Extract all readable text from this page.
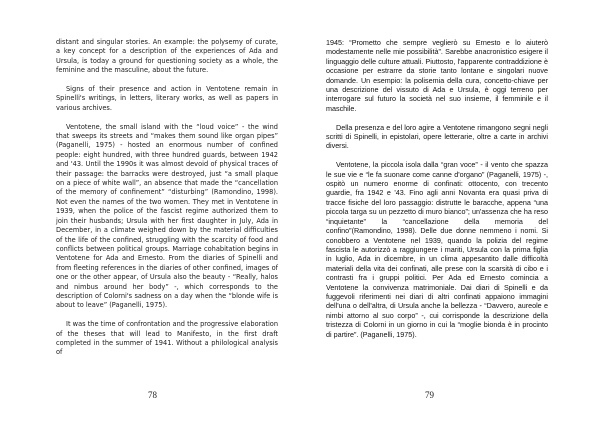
distant and singular stories. An example: the polysemy of curate, a key concept for a description of the experiences of Ada and Ursula, is today a ground for questioning society as a whole, the feminine and the masculine, about the future.

Signs of their presence and action in Ventotene remain in Spinelli's writings, in letters, literary works, as well as papers in various archives.

Ventotene, the small island with the “loud voice” - the wind that sweeps its streets and “makes them sound like organ pipes” (Paganelli, 1975) - hosted an enormous number of confined people: eight hundred, with three hundred guards, between 1942 and '43. Until the 1990s it was almost devoid of physical traces of their passage: the barracks were destroyed, just “a small plaque on a piece of white wall”, an absence that made the “cancellation of the memory of confinement” “disturbing” (Ramondino, 1998). Not even the names of the two women. They met in Ventotene in 1939, when the police of the fascist regime authorized them to join their husbands; Ursula with her first daughter in July, Ada in December, in a climate weighed down by the material difficulties of the life of the confined, struggling with the scarcity of food and conflicts between political groups. Marriage cohabitation begins in Ventotene for Ada and Ernesto. From the diaries of Spinelli and from fleeting references in the diaries of other confined, images of one or the other appear, of Ursula also the beauty - “Really, halos and nimbus around her body” -, which corresponds to the description of Colorni's sadness on a day when the “blonde wife is about to leave” (Paganelli, 1975).

It was the time of confrontation and the progressive elaboration of the theses that will lead to Manifesto, in the first draft completed in the summer of 1941. Without a philological analysis of

78

1945: “Prometto che sempre veglierò su Ernesto e lo aiuterò modestamente nelle mie possibilità”. Sarebbe anacronistico esigere il linguaggio delle culture attuali. Piuttosto, l'apparente contraddizione è occasione per estrarre da storie tanto lontane e singolari nuove domande. Un esempio: la polisemia della cura, concetto-chiave per una descrizione del vissuto di Ada e Ursula, è oggi terreno per interrogare sul futuro la società nel suo insieme, il femminile e il maschile.

Della presenza e del loro agire a Ventotene rimangono segni negli scritti di Spinelli, in epistolari, opere letterarie, oltre a carte in archivi diversi.

Ventotene, la piccola isola dalla “gran voce” - il vento che spazza le sue vie e “le fa suonare come canne d'organo” (Paganelli, 1975) -, ospitò un numero enorme di confinati: ottocento, con trecento guardie, fra 1942 e '43. Fino agli anni Novanta era quasi priva di tracce fisiche del loro passaggio: distrutte le baracche, appena “una piccola targa su un pezzetto di muro bianco”; un'assenza che ha reso “inquietante” la “cancellazione della memoria del confino”(Ramondino, 1998). Delle due donne nemmeno i nomi. Si conobbero a Ventotene nel 1939, quando la polizia del regime fascista le autorizzò a raggiungere i mariti, Ursula con la prima figlia in luglio, Ada in dicembre, in un clima appesantito dalle difficoltà materiali della vita dei confinati, alle prese con la scarsità di cibo e i contrasti fra i gruppi politici. Per Ada ed Ernesto comincia a Ventotene la convivenza matrimoniale. Dai diari di Spinelli e da fuggevoli riferimenti nei diari di altri confinati appaiono immagini dell'una o dell'altra, di Ursula anche la bellezza - “Davvero, aureole e nimbi attorno al suo corpo” -, cui corrisponde la descrizione della tristezza di Colorni in un giorno in cui la “moglie bionda è in procinto di partire”. (Paganelli, 1975).

79
